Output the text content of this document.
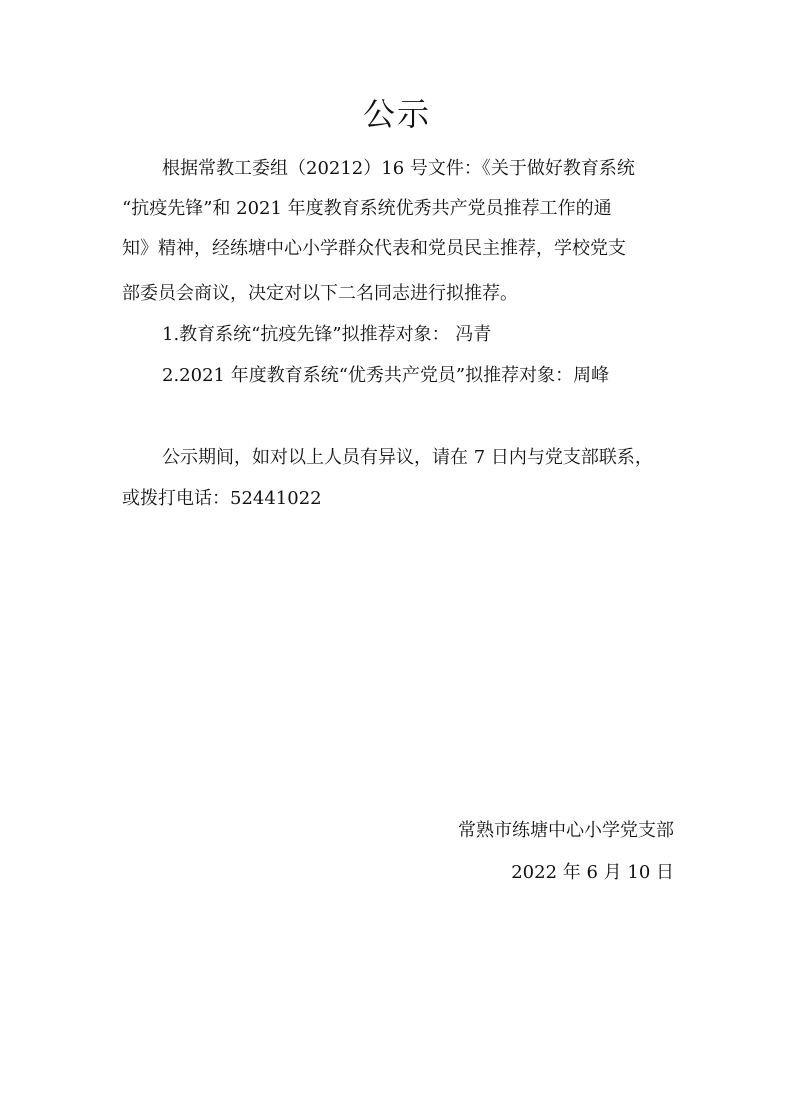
公示
根据常教工委组（20212）16 号文件：《关于做好教育系统
“抗疫先锋”和 2021 年度教育系统优秀共产党员推荐工作的通
知》精神，经练塘中心小学群众代表和党员民主推荐，学校党支
部委员会商议，决定对以下二名同志进行拟推荐。
1.教育系统“抗疫先锋”拟推荐对象： 冯青
2.2021 年度教育系统“优秀共产党员”拟推荐对象：周峰
公示期间，如对以上人员有异议，请在 7 日内与党支部联系，
或拨打电话：52441022
常熟市练塘中心小学党支部
2022 年 6 月 10 日
